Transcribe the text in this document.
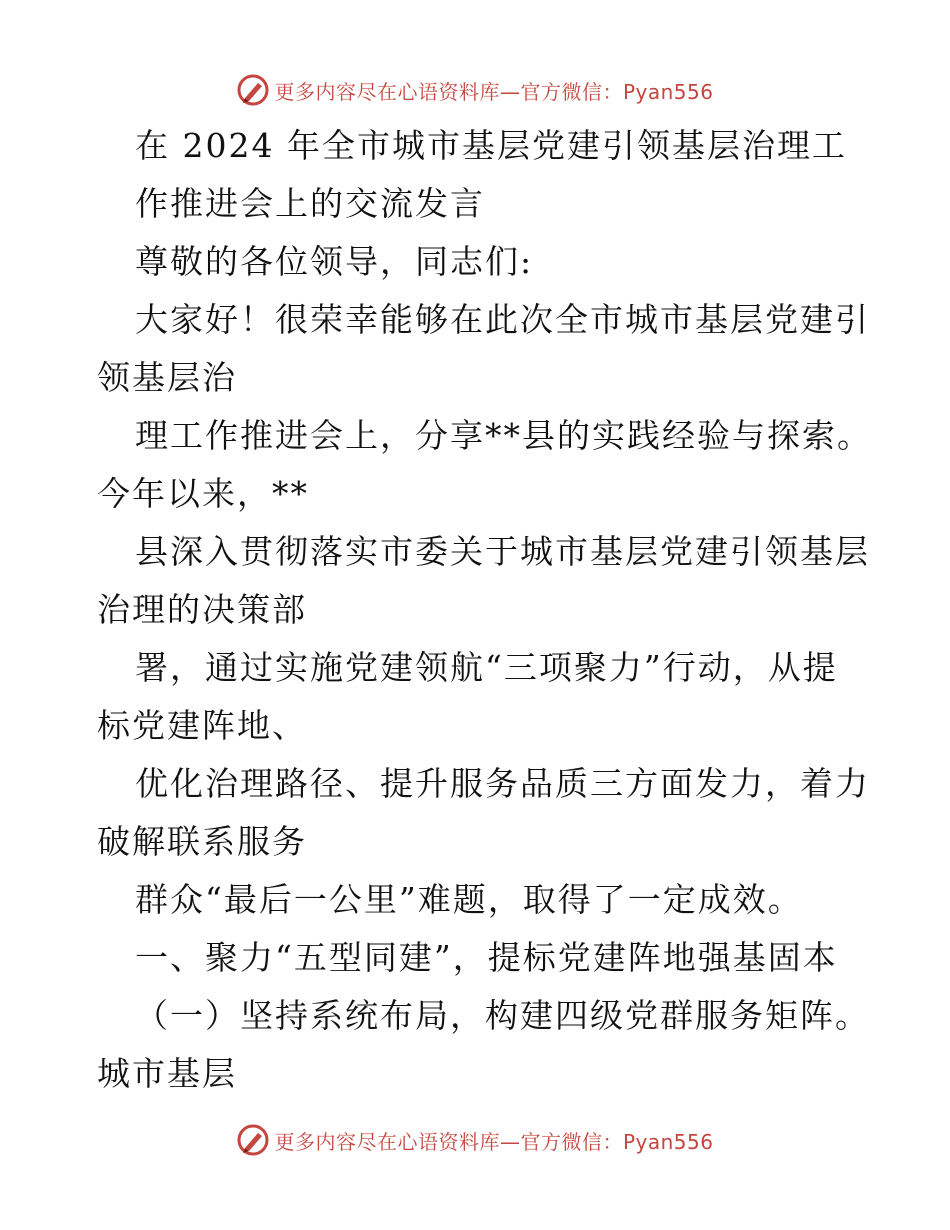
更多内容尽在心语资料库—官方微信：Pyan556
在 2024 年全市城市基层党建引领基层治理工
作推进会上的交流发言
尊敬的各位领导，同志们:
大家好！很荣幸能够在此次全市城市基层党建引
领基层治
理工作推进会上，分享**县的实践经验与探索。
今年以来，**
县深入贯彻落实市委关于城市基层党建引领基层
治理的决策部
署，通过实施党建领航“三项聚力”行动，从提
标党建阵地、
优化治理路径、提升服务品质三方面发力，着力
破解联系服务
群众“最后一公里”难题，取得了一定成效。
一、聚力“五型同建”，提标党建阵地强基固本
（一）坚持系统布局，构建四级党群服务矩阵。
城市基层
更多内容尽在心语资料库—官方微信：Pyan556
